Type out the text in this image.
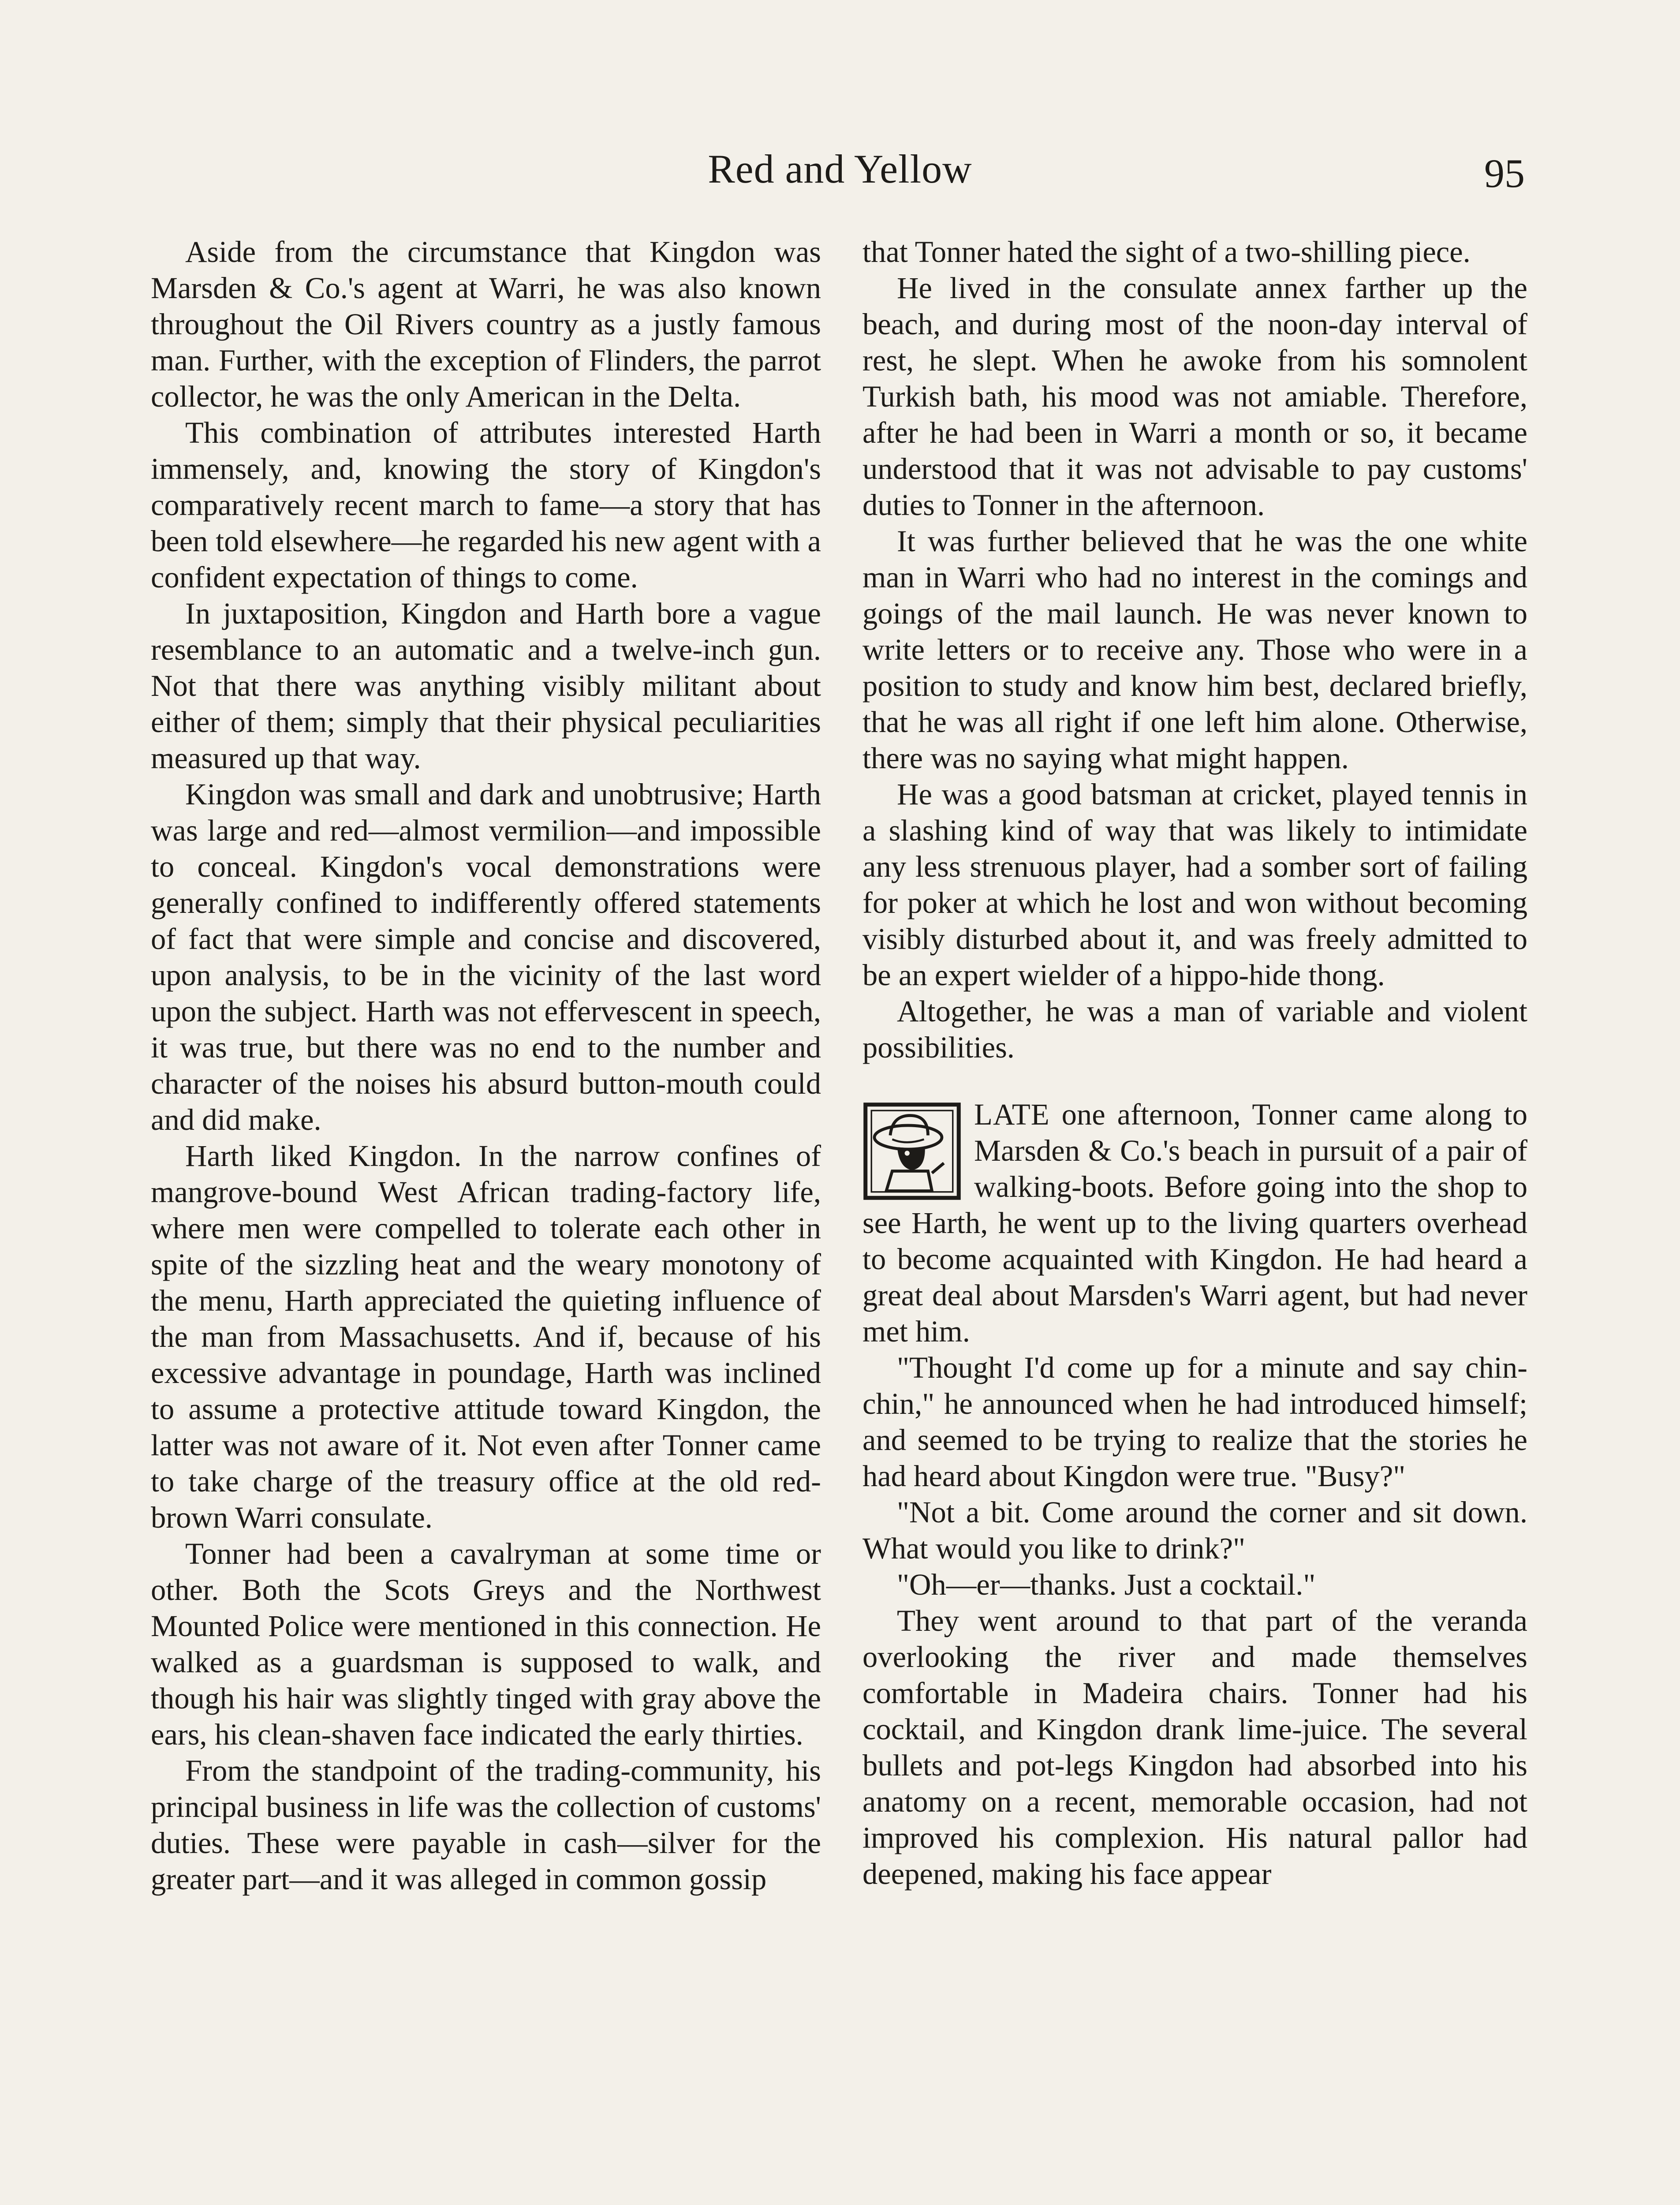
Red and Yellow	95

Aside from the circumstance that Kingdon was Marsden & Co.'s agent at Warri, he was also known throughout the Oil Rivers country as a justly famous man. Further, with the exception of Flinders, the parrot collector, he was the only American in the Delta.

This combination of attributes interested Harth immensely, and, knowing the story of Kingdon's comparatively recent march to fame—a story that has been told elsewhere—he regarded his new agent with a confident expectation of things to come.

In juxtaposition, Kingdon and Harth bore a vague resemblance to an automatic and a twelve-inch gun. Not that there was anything visibly militant about either of them; simply that their physical peculiarities measured up that way.

Kingdon was small and dark and unobtrusive; Harth was large and red—almost vermilion—and impossible to conceal. Kingdon's vocal demonstrations were generally confined to indifferently offered statements of fact that were simple and concise and discovered, upon analysis, to be in the vicinity of the last word upon the subject. Harth was not effervescent in speech, it was true, but there was no end to the number and character of the noises his absurd button-mouth could and did make.

Harth liked Kingdon. In the narrow confines of mangrove-bound West African trading-factory life, where men were compelled to tolerate each other in spite of the sizzling heat and the weary monotony of the menu, Harth appreciated the quieting influence of the man from Massachusetts. And if, because of his excessive advantage in poundage, Harth was inclined to assume a protective attitude toward Kingdon, the latter was not aware of it. Not even after Tonner came to take charge of the treasury office at the old red-brown Warri consulate.

Tonner had been a cavalryman at some time or other. Both the Scots Greys and the Northwest Mounted Police were mentioned in this connection. He walked as a guardsman is supposed to walk, and though his hair was slightly tinged with gray above the ears, his clean-shaven face indicated the early thirties.

From the standpoint of the trading-community, his principal business in life was the collection of customs' duties. These were payable in cash—silver for the greater part—and it was alleged in common gossip

that Tonner hated the sight of a two-shilling piece.

He lived in the consulate annex farther up the beach, and during most of the noon-day interval of rest, he slept. When he awoke from his somnolent Turkish bath, his mood was not amiable. Therefore, after he had been in Warri a month or so, it became understood that it was not advisable to pay customs' duties to Tonner in the afternoon.

It was further believed that he was the one white man in Warri who had no interest in the comings and goings of the mail launch. He was never known to write letters or to receive any. Those who were in a position to study and know him best, declared briefly, that he was all right if one left him alone. Otherwise, there was no saying what might happen.

He was a good batsman at cricket, played tennis in a slashing kind of way that was likely to intimidate any less strenuous player, had a somber sort of failing for poker at which he lost and won without becoming visibly disturbed about it, and was freely admitted to be an expert wielder of a hippo-hide thong.

Altogether, he was a man of variable and violent possibilities.

LATE one afternoon, Tonner came along to Marsden & Co.'s beach in pursuit of a pair of walking-boots. Before going into the shop to see Harth, he went up to the living quarters overhead to become acquainted with Kingdon. He had heard a great deal about Marsden's Warri agent, but had never met him.

"Thought I'd come up for a minute and say chin-chin," he announced when he had introduced himself; and seemed to be trying to realize that the stories he had heard about Kingdon were true. "Busy?"

"Not a bit. Come around the corner and sit down. What would you like to drink?"

"Oh—er—thanks. Just a cocktail."

They went around to that part of the veranda overlooking the river and made themselves comfortable in Madeira chairs. Tonner had his cocktail, and Kingdon drank lime-juice. The several bullets and pot-legs Kingdon had absorbed into his anatomy on a recent, memorable occasion, had not improved his complexion. His natural pallor had deepened, making his face appear
